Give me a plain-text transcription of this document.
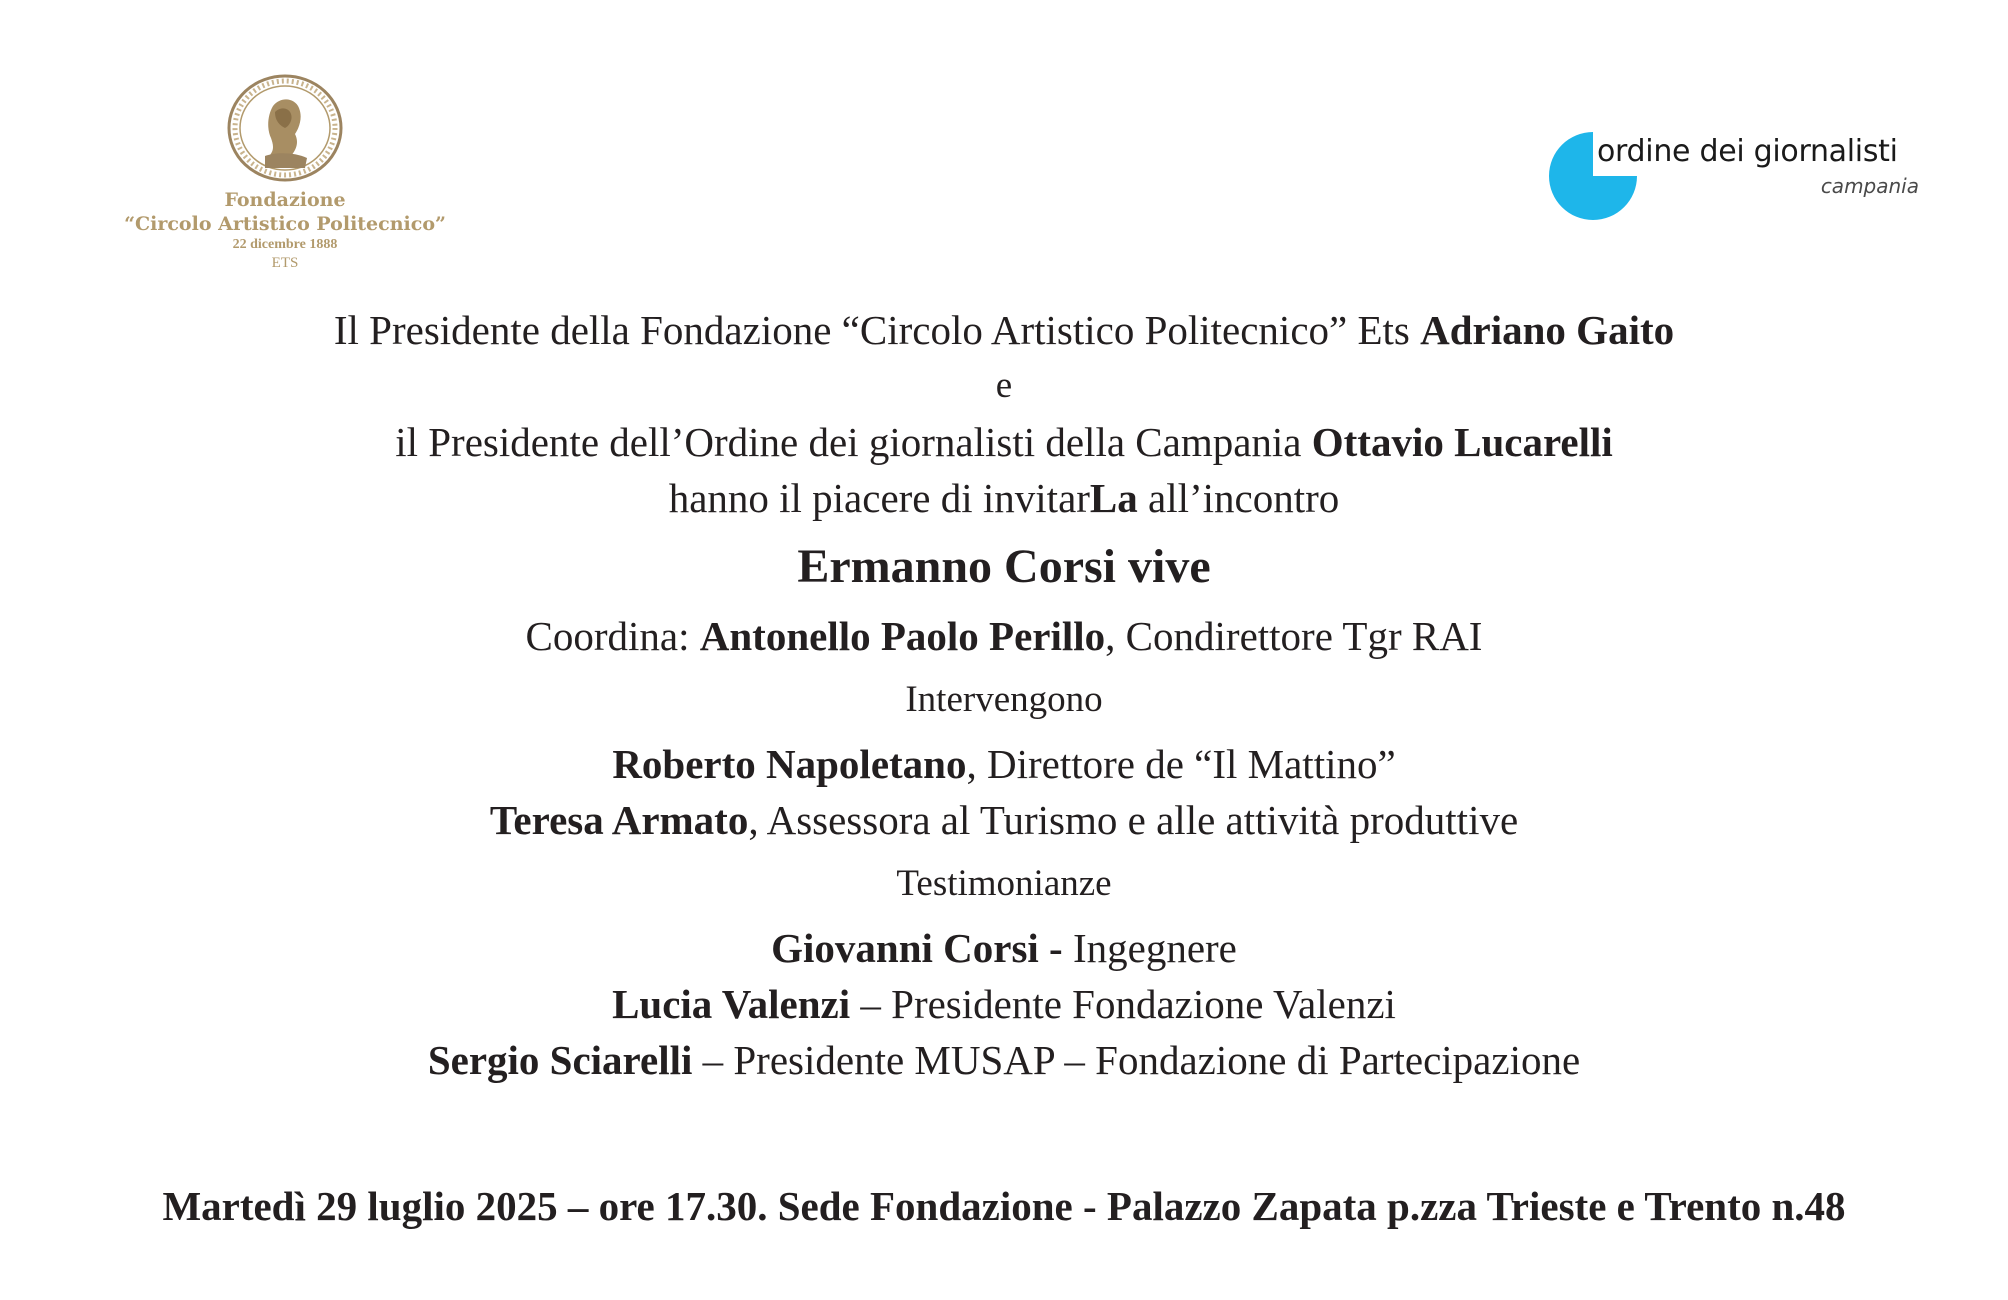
Fondazione
“Circolo Artistico Politecnico”
22 dicembre 1888
ETS
ordine dei giornalisti
campania
Il Presidente della Fondazione “Circolo Artistico Politecnico” Ets Adriano Gaito
e
il Presidente dell’Ordine dei giornalisti della Campania Ottavio Lucarelli
hanno il piacere di invitarLa all’incontro
Ermanno Corsi vive
Coordina: Antonello Paolo Perillo, Condirettore Tgr RAI
Intervengono
Roberto Napoletano, Direttore de “Il Mattino”
Teresa Armato, Assessora al Turismo e alle attività produttive
Testimonianze
Giovanni Corsi - Ingegnere
Lucia Valenzi – Presidente Fondazione Valenzi
Sergio Sciarelli – Presidente MUSAP – Fondazione di Partecipazione
Martedì 29 luglio 2025 – ore 17.30. Sede Fondazione - Palazzo Zapata p.zza Trieste e Trento n.48
